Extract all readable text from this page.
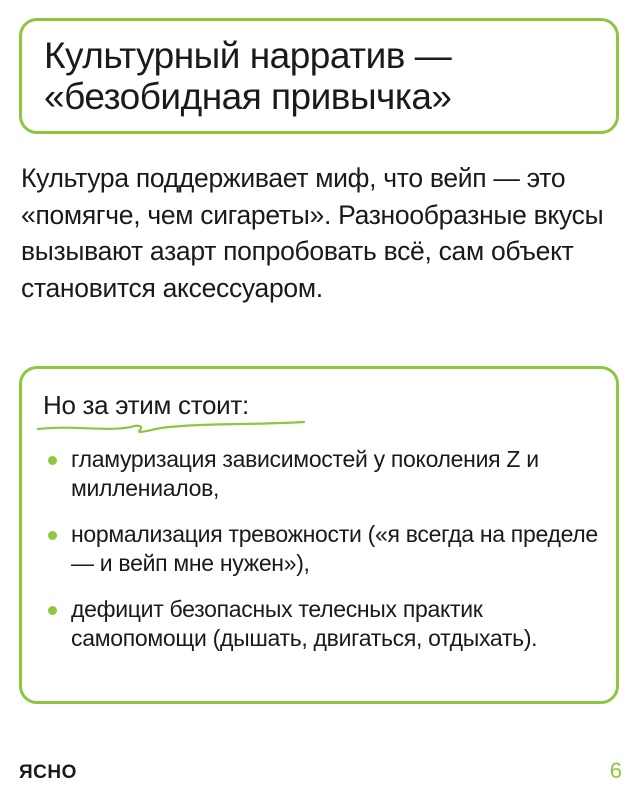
Культурный нарратив — «безобидная привычка»

Культура поддерживает миф, что вейп — это «помягче, чем сигареты». Разнообразные вкусы вызывают азарт попробовать всё, сам объект становится аксессуаром.

Но за этим стоит:

гламуризация зависимостей у поколения Z и миллениалов,
нормализация тревожности («я всегда на пределе — и вейп мне нужен»),
дефицит безопасных телесных практик самопомощи (дышать, двигаться, отдыхать).
ЯСНО	6
